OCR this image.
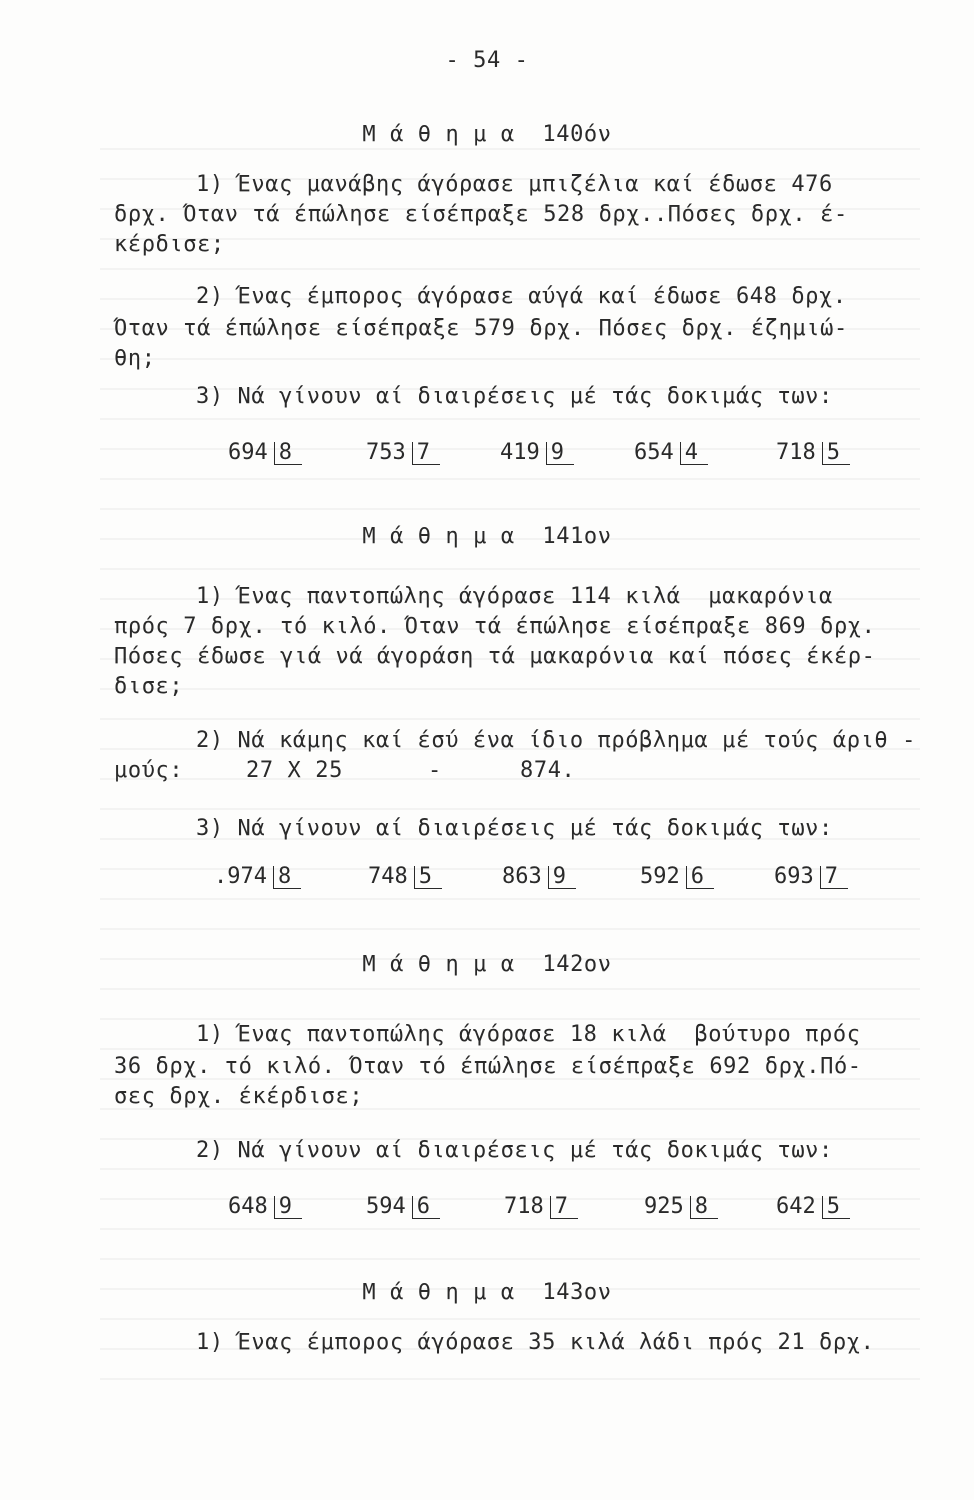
- 54 -
Μ ά θ η μ α  140όν
1) Ένας μανάβης άγόρασε μπιζέλια καί έδωσε 476
δρχ. Όταν τά έπώλησε είσέπραξε 528 δρχ..Πόσες δρχ. έ-
κέρδισε;
2) Ένας έμπορος άγόρασε αύγά καί έδωσε 648 δρχ.
Όταν τά έπώλησε είσέπραξε 579 δρχ. Πόσες δρχ. έζημιώ-
θη;
3) Νά γίνουν αί διαιρέσεις μέ τάς δοκιμάς των:
694 8	753 7	419 9	654 4	718 5
Μ ά θ η μ α  141ον
1) Ένας παντοπώλης άγόρασε 114 κιλά  μακαρόνια
πρός 7 δρχ. τό κιλό. Όταν τά έπώλησε είσέπραξε 869 δρχ.
Πόσες έδωσε γιά νά άγοράση τά μακαρόνια καί πόσες έκέρ-
δισε;
2) Νά κάμης καί έσύ ένα ίδιο πρόβλημα μέ τούς άριθ -
μούς:	27 Χ 25	-	874.
3) Νά γίνουν αί διαιρέσεις μέ τάς δοκιμάς των:
.974 8	748 5	863 9	592 6	693 7
Μ ά θ η μ α  142ον
1) Ένας παντοπώλης άγόρασε 18 κιλά  βούτυρο πρός
36 δρχ. τό κιλό. Όταν τό έπώλησε είσέπραξε 692 δρχ.Πό-
σες δρχ. έκέρδισε;
2) Νά γίνουν αί διαιρέσεις μέ τάς δοκιμάς των:
648 9	594 6	718 7	925 8	642 5
Μ ά θ η μ α  143ον
1) Ένας έμπορος άγόρασε 35 κιλά λάδι πρός 21 δρχ.
